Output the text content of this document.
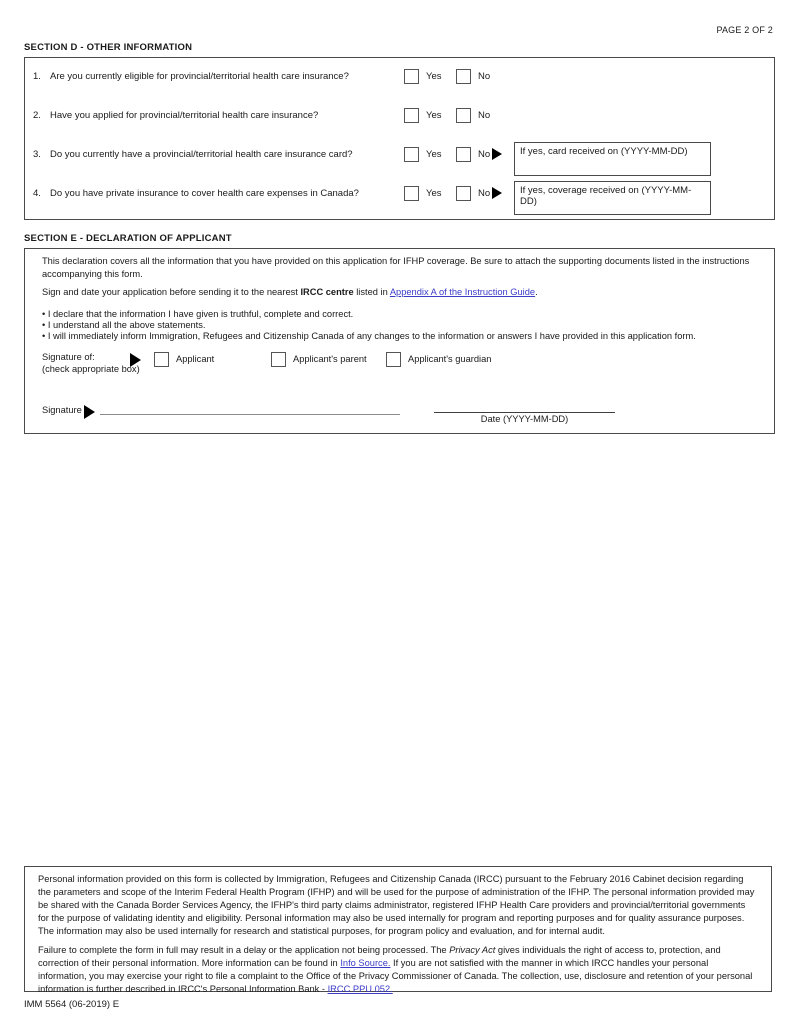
PAGE 2 OF 2
SECTION D - OTHER INFORMATION
1. Are you currently eligible for provincial/territorial health care insurance?	Yes	No
2. Have you applied for provincial/territorial health care insurance?	Yes	No
3. Do you currently have a provincial/territorial health care insurance card?	Yes	No	If yes, card received on (YYYY-MM-DD)
4. Do you have private insurance to cover health care expenses in Canada?	Yes	No	If yes, coverage received on (YYYY-MM-DD)
SECTION E - DECLARATION OF APPLICANT
This declaration covers all the information that you have provided on this application for IFHP coverage. Be sure to attach the supporting documents listed in the instructions accompanying this form.
Sign and date your application before sending it to the nearest IRCC centre listed in Appendix A of the Instruction Guide.
• I declare that the information I have given is truthful, complete and correct.
• I understand all the above statements.
• I will immediately inform Immigration, Refugees and Citizenship Canada of any changes to the information or answers I have provided in this application form.
Signature of:
(check appropriate box)
Applicant	Applicant's parent	Applicant's guardian
Signature
Date (YYYY-MM-DD)

Personal information provided on this form is collected by Immigration, Refugees and Citizenship Canada (IRCC) pursuant to the February 2016 Cabinet decision regarding the parameters and scope of the Interim Federal Health Program (IFHP) and will be used for the purpose of administration of the IFHP. The personal information provided may be shared with the Canada Border Services Agency, the IFHP's third party claims administrator, registered IFHP Health Care providers and provincial/territorial governments for the purpose of validating identity and eligibility. Personal information may also be used internally for program and reporting purposes and for quality assurance purposes. The information may also be used internally for research and statistical purposes, for program policy and evaluation, and for internal audit.

Failure to complete the form in full may result in a delay or the application not being processed. The Privacy Act gives individuals the right of access to, protection, and correction of their personal information. More information can be found in Info Source. If you are not satisfied with the manner in which IRCC handles your personal information, you may exercise your right to file a complaint to the Office of the Privacy Commissioner of Canada. The collection, use, disclosure and retention of your personal information is further described in IRCC's Personal Information Bank - IRCC PPU 052.

IMM 5564 (06-2019) E
